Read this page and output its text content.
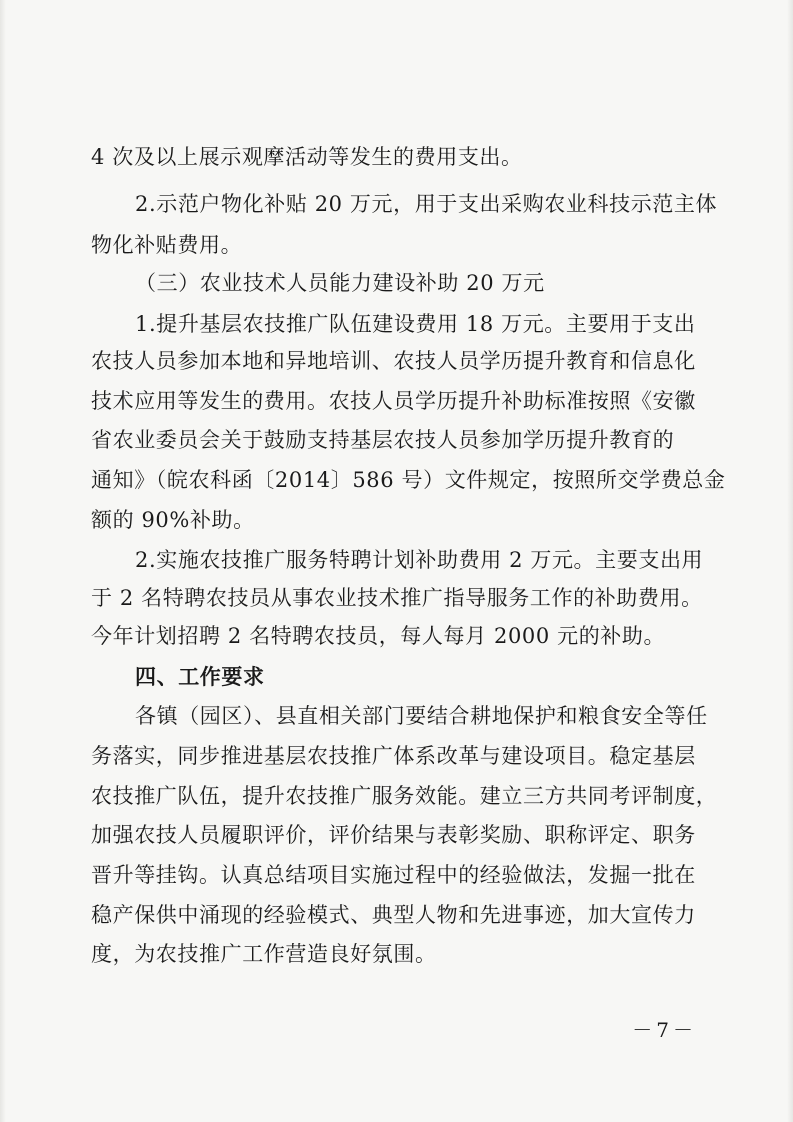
4 次及以上展示观摩活动等发生的费用支出。
2.示范户物化补贴 20 万元，用于支出采购农业科技示范主体
物化补贴费用。
（三）农业技术人员能力建设补助 20 万元
1.提升基层农技推广队伍建设费用 18 万元。主要用于支出
农技人员参加本地和异地培训、农技人员学历提升教育和信息化
技术应用等发生的费用。农技人员学历提升补助标准按照《安徽
省农业委员会关于鼓励支持基层农技人员参加学历提升教育的
通知》（皖农科函〔2014〕586 号）文件规定，按照所交学费总金
额的 90%补助。
2.实施农技推广服务特聘计划补助费用 2 万元。主要支出用
于 2 名特聘农技员从事农业技术推广指导服务工作的补助费用。
今年计划招聘 2 名特聘农技员，每人每月 2000 元的补助。
四、工作要求
各镇（园区）、县直相关部门要结合耕地保护和粮食安全等任
务落实，同步推进基层农技推广体系改革与建设项目。稳定基层
农技推广队伍，提升农技推广服务效能。建立三方共同考评制度，
加强农技人员履职评价，评价结果与表彰奖励、职称评定、职务
晋升等挂钩。认真总结项目实施过程中的经验做法，发掘一批在
稳产保供中涌现的经验模式、典型人物和先进事迹，加大宣传力
度，为农技推广工作营造良好氛围。
－7－
